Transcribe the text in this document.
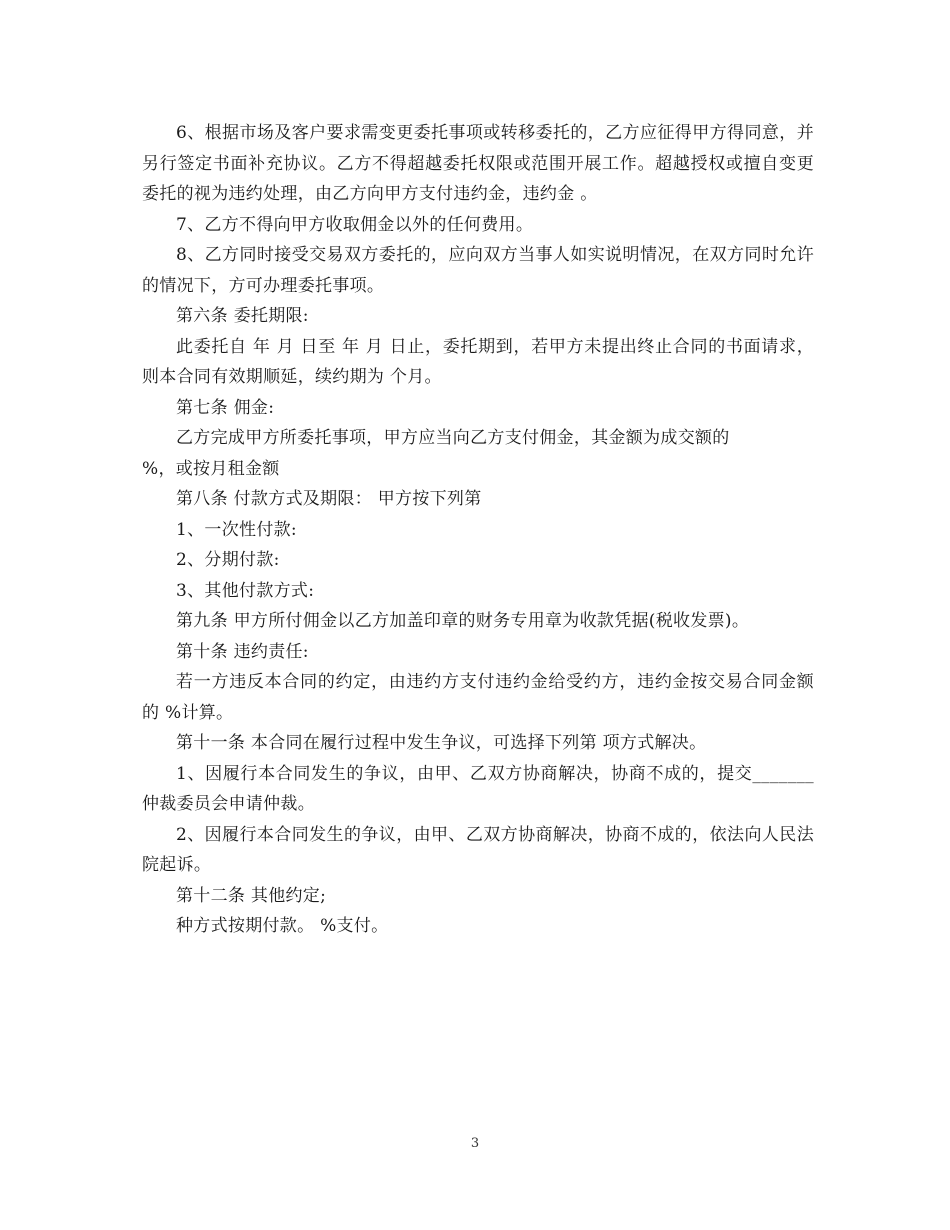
6、根据市场及客户要求需变更委托事项或转移委托的，乙方应征得甲方得同意，并另行签定书面补充协议。乙方不得超越委托权限或范围开展工作。超越授权或擅自变更委托的视为违约处理，由乙方向甲方支付违约金，违约金 。

7、乙方不得向甲方收取佣金以外的任何费用。

8、乙方同时接受交易双方委托的，应向双方当事人如实说明情况，在双方同时允许的情况下，方可办理委托事项。

第六条 委托期限:

此委托自 年 月 日至 年 月 日止，委托期到，若甲方未提出终止合同的书面请求，则本合同有效期顺延，续约期为 个月。

第七条 佣金:

乙方完成甲方所委托事项，甲方应当向乙方支付佣金，其金额为成交额的

%，或按月租金额

第八条 付款方式及期限： 甲方按下列第

1、一次性付款:

2、分期付款:

3、其他付款方式:

第九条 甲方所付佣金以乙方加盖印章的财务专用章为收款凭据(税收发票)。

第十条 违约责任:

若一方违反本合同的约定，由违约方支付违约金给受约方，违约金按交易合同金额的 %计算。

第十一条 本合同在履行过程中发生争议，可选择下列第 项方式解决。

1、因履行本合同发生的争议，由甲、乙双方协商解决，协商不成的，提交_______仲裁委员会申请仲裁。

2、因履行本合同发生的争议，由甲、乙双方协商解决，协商不成的，依法向人民法院起诉。

第十二条 其他约定;

种方式按期付款。 %支付。

3
